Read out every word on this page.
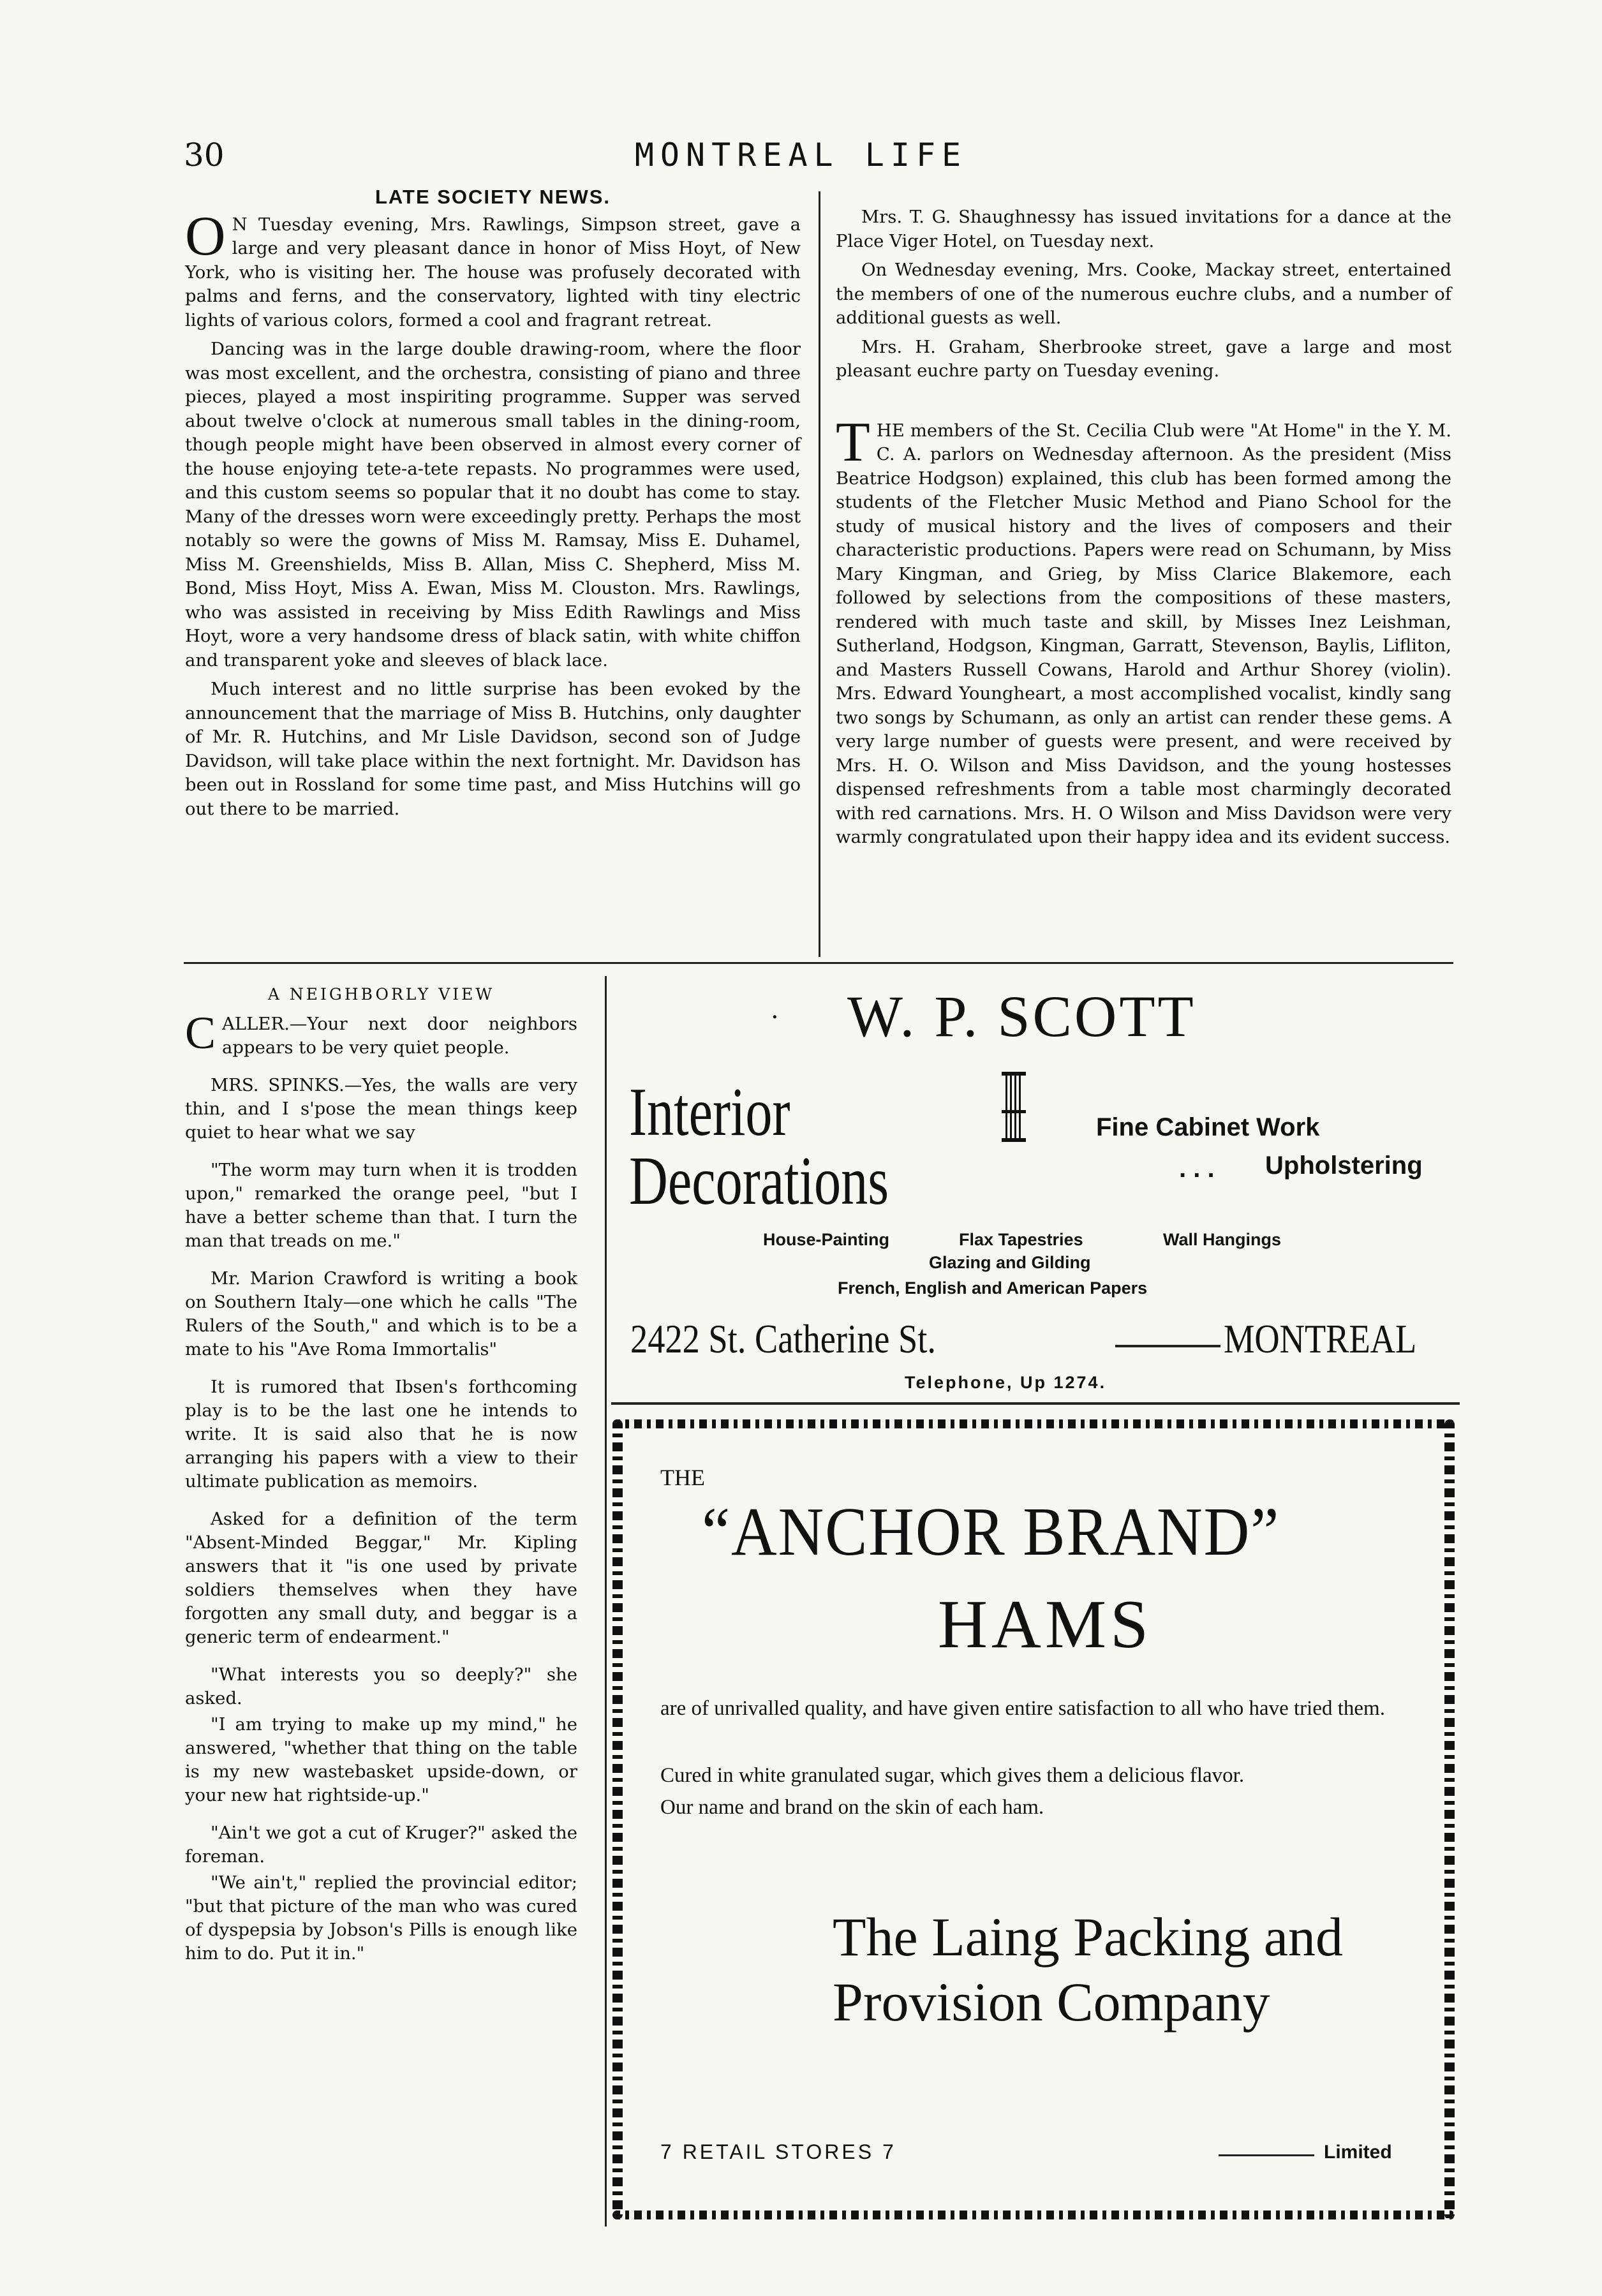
30	MONTREAL LIFE
LATE SOCIETY NEWS.

O N Tuesday evening, Mrs. Rawlings, Simpson street, gave a large and very pleasant dance in honor of Miss Hoyt, of New York, who is visiting her. The house was profusely decorated with palms and ferns, and the conservatory, lighted with tiny electric lights of various colors, formed a cool and fragrant retreat.

Dancing was in the large double drawing-room, where the floor was most excellent, and the orchestra, consisting of piano and three pieces, played a most inspiriting programme. Supper was served about twelve o'clock at numerous small tables in the dining-room, though people might have been observed in almost every corner of the house enjoying tete-a-tete repasts. No programmes were used, and this custom seems so popular that it no doubt has come to stay. Many of the dresses worn were exceedingly pretty. Perhaps the most notably so were the gowns of Miss M. Ramsay, Miss E. Duhamel, Miss M. Greenshields, Miss B. Allan, Miss C. Shepherd, Miss M. Bond, Miss Hoyt, Miss A. Ewan, Miss M. Clouston. Mrs. Rawlings, who was assisted in receiving by Miss Edith Rawlings and Miss Hoyt, wore a very handsome dress of black satin, with white chiffon and transparent yoke and sleeves of black lace.

Much interest and no little surprise has been evoked by the announcement that the marriage of Miss B. Hutchins, only daughter of Mr. R. Hutchins, and Mr Lisle Davidson, second son of Judge Davidson, will take place within the next fortnight. Mr. Davidson has been out in Rossland for some time past, and Miss Hutchins will go out there to be married.

Mrs. T. G. Shaughnessy has issued invitations for a dance at the Place Viger Hotel, on Tuesday next.

On Wednesday evening, Mrs. Cooke, Mackay street, entertained the members of one of the numerous euchre clubs, and a number of additional guests as well.

Mrs. H. Graham, Sherbrooke street, gave a large and most pleasant euchre party on Tuesday evening.

THE members of the St. Cecilia Club were "At Home" in the Y. M. C. A. parlors on Wednesday afternoon. As the president (Miss Beatrice Hodgson) explained, this club has been formed among the students of the Fletcher Music Method and Piano School for the study of musical history and the lives of composers and their characteristic productions. Papers were read on Schumann, by Miss Mary Kingman, and Grieg, by Miss Clarice Blakemore, each followed by selections from the compositions of these masters, rendered with much taste and skill, by Misses Inez Leishman, Sutherland, Hodgson, Kingman, Garratt, Stevenson, Baylis, Lifliton, and Masters Russell Cowans, Harold and Arthur Shorey (violin). Mrs. Edward Youngheart, a most accomplished vocalist, kindly sang two songs by Schumann, as only an artist can render these gems. A very large number of guests were present, and were received by Mrs. H. O. Wilson and Miss Davidson, and the young hostesses dispensed refreshments from a table most charmingly decorated with red carnations. Mrs. H. O Wilson and Miss Davidson were very warmly congratulated upon their happy idea and its evident success.

A NEIGHBORLY VIEW

CALLER.—Your next door neighbors appears to be very quiet people.

MRS. SPINKS.—Yes, the walls are very thin, and I s'pose the mean things keep quiet to hear what we say

"The worm may turn when it is trodden upon," remarked the orange peel, "but I have a better scheme than that. I turn the man that treads on me."

Mr. Marion Crawford is writing a book on Southern Italy—one which he calls "The Rulers of the South," and which is to be a mate to his "Ave Roma Immortalis"

It is rumored that Ibsen's forthcoming play is to be the last one he intends to write. It is said also that he is now arranging his papers with a view to their ultimate publication as memoirs.

Asked for a definition of the term "Absent-Minded Beggar," Mr. Kipling answers that it "is one used by private soldiers themselves when they have forgotten any small duty, and beggar is a generic term of endearment."

"What interests you so deeply?" she asked.

"I am trying to make up my mind," he answered, "whether that thing on the table is my new wastebasket upside-down, or your new hat rightside-up."

"Ain't we got a cut of Kruger?" asked the foreman.

"We ain't," replied the provincial editor; "but that picture of the man who was cured of dyspepsia by Jobson's Pills is enough like him to do. Put it in."

· W. P. SCOTT
Interior
Decorations
Fine Cabinet Work
. . . Upholstering
House-Painting	Flax Tapestries	Wall Hangings
Glazing and Gilding
French, English and American Papers
2422 St. Catherine St.	MONTREAL
Telephone, Up 1274.
THE
“ANCHOR BRAND”
HAMS
are of unrivalled quality, and have given entire satisfaction to all who have tried them.
Cured in white granulated sugar, which gives them a delicious flavor.
Our name and brand on the skin of each ham.
The Laing Packing and
Provision Company
7 RETAIL STORES 7	Limited
